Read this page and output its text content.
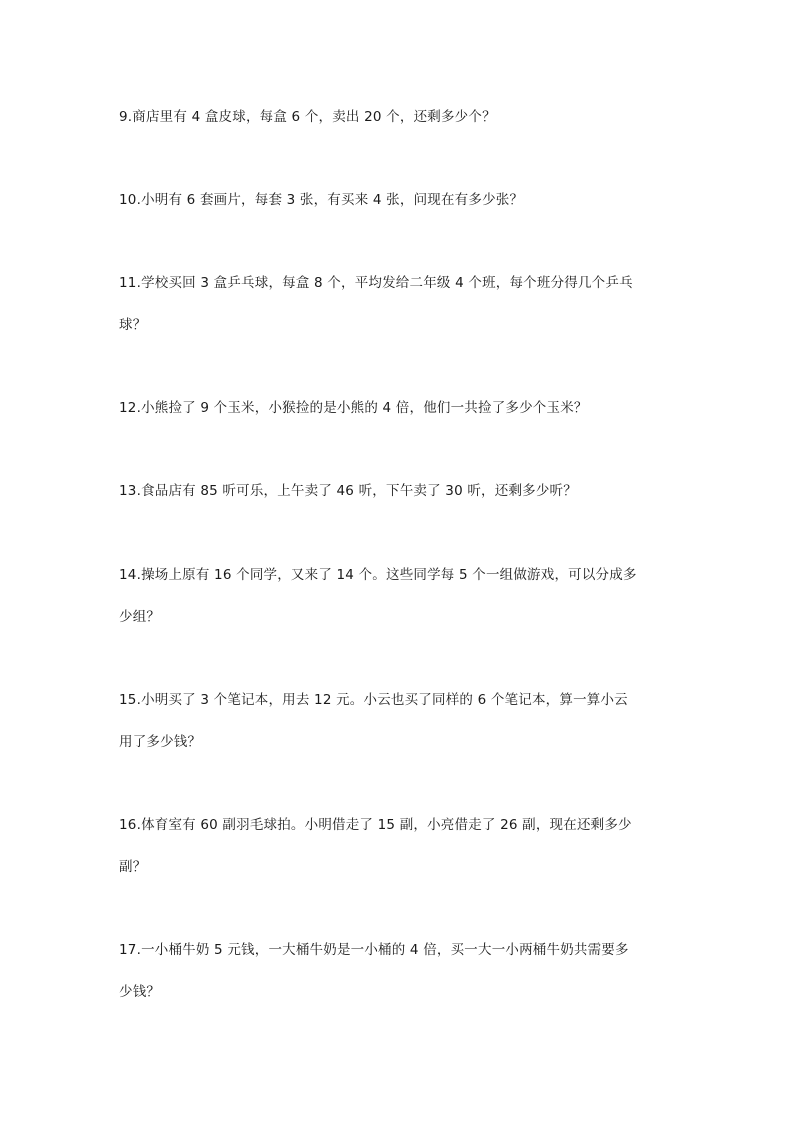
9.商店里有 4 盒皮球，每盒 6 个，卖出 20 个，还剩多少个？
10.小明有 6 套画片，每套 3 张，有买来 4 张，问现在有多少张？
11.学校买回 3 盒乒乓球，每盒 8 个，平均发给二年级 4 个班，每个班分得几个乒乓
球？
12.小熊捡了 9 个玉米，小猴捡的是小熊的 4 倍，他们一共捡了多少个玉米？
13.食品店有 85 听可乐，上午卖了 46 听，下午卖了 30 听，还剩多少听？
14.操场上原有 16 个同学，又来了 14 个。这些同学每 5 个一组做游戏，可以分成多
少组？
15.小明买了 3 个笔记本，用去 12 元。小云也买了同样的 6 个笔记本，算一算小云
用了多少钱？
16.体育室有 60 副羽毛球拍。小明借走了 15 副，小亮借走了 26 副，现在还剩多少
副？
17.一小桶牛奶 5 元钱，一大桶牛奶是一小桶的 4 倍，买一大一小两桶牛奶共需要多
少钱？
